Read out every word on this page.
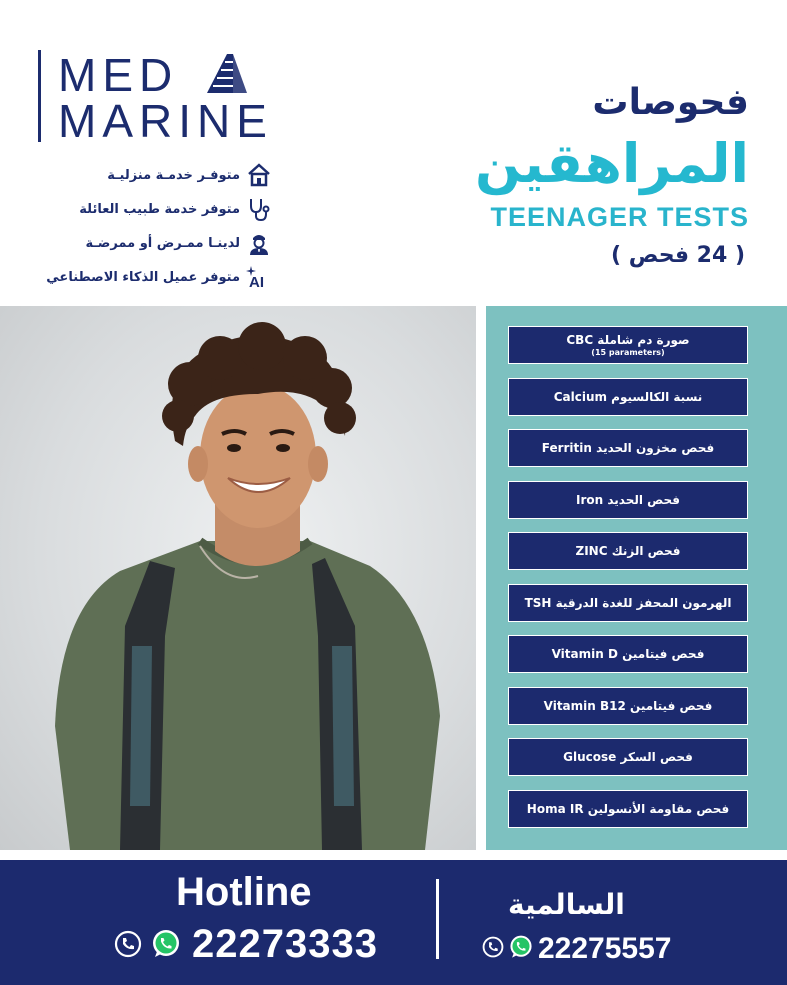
MED
MARINE
متوفـر خدمـة منزليـة
متوفر خدمة طبيب العائلة
لدينـا ممـرض أو ممرضـة
متوفر عميل الذكاء الاصطناعي AI
فحوصات
المراهقين
TEENAGER TESTS
( 24 فحص )
صورة دم شاملة CBC
(15 parameters)
نسبة الكالسيوم Calcium
فحص مخزون الحديد Ferritin
فحص الحديد Iron
فحص الزنك ZINC
الهرمون المحفز للغدة الدرقية TSH
فحص فيتامين Vitamin D
فحص فيتامين Vitamin B12
فحص السكر Glucose
فحص مقاومة الأنسولين Homa IR
Hotline
22273333
السالمية
22275557
